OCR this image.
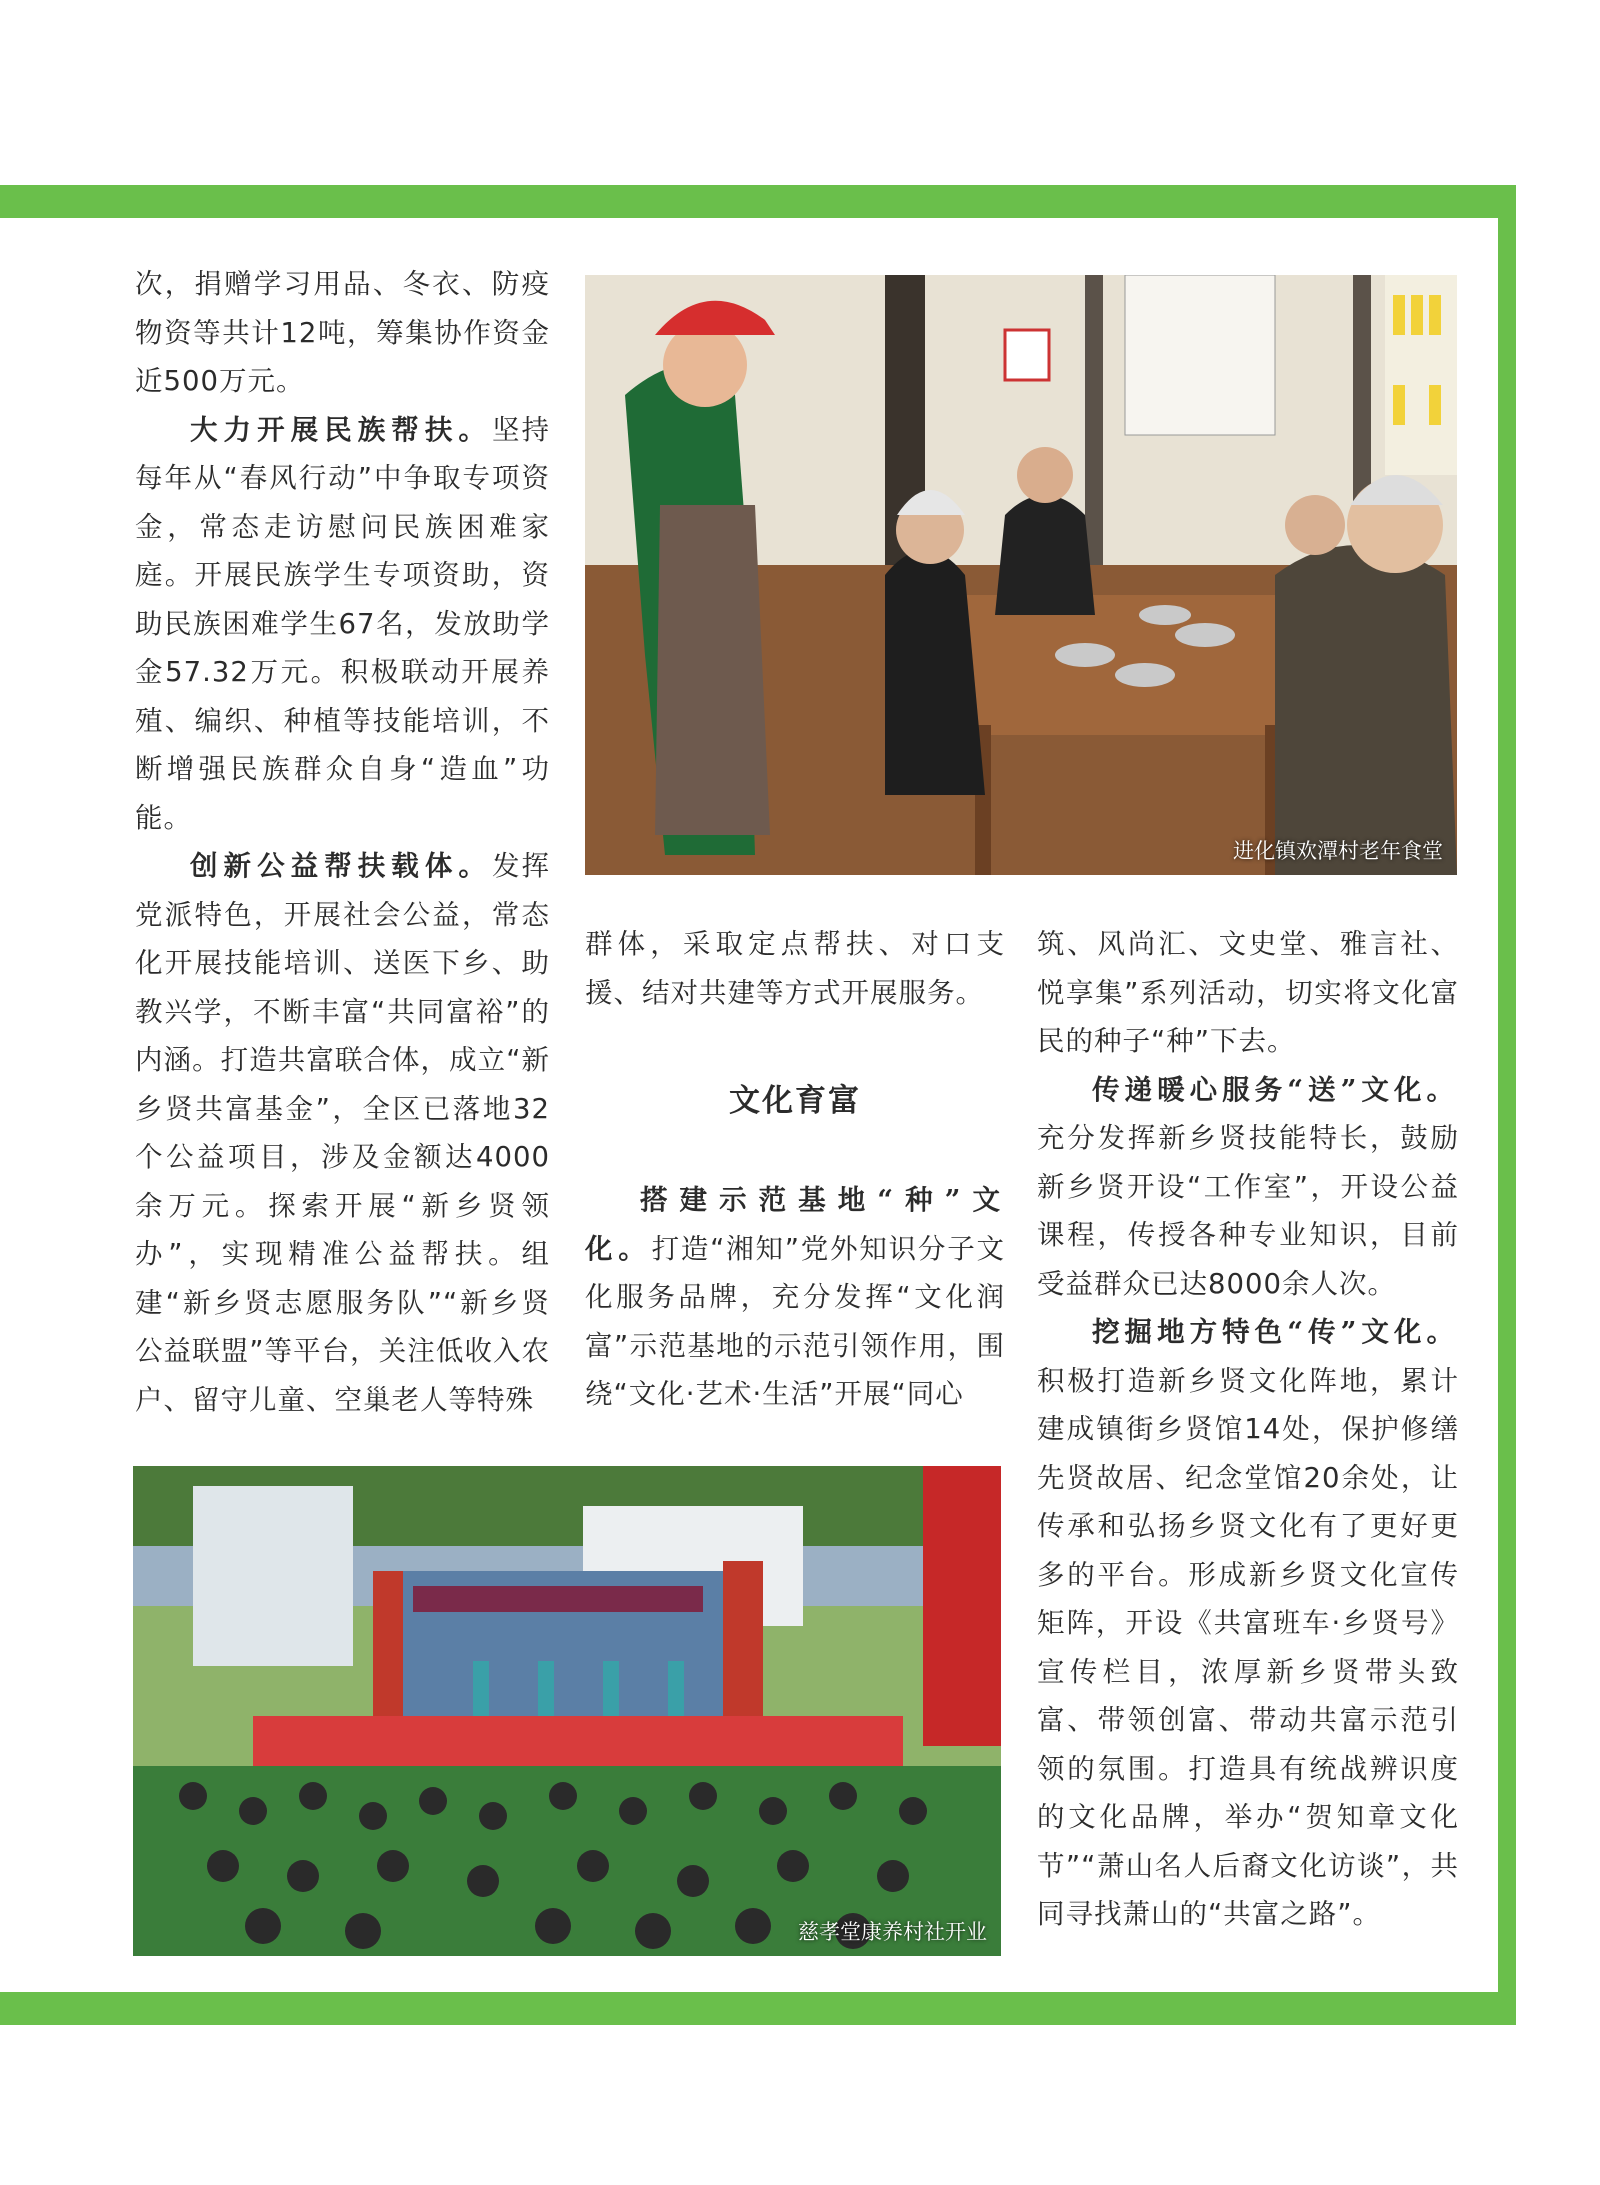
次，捐赠学习用品、冬衣、防疫物资等共计12吨，筹集协作资金近500万元。

大力开展民族帮扶。坚持每年从“春风行动”中争取专项资金，常态走访慰问民族困难家庭。开展民族学生专项资助，资助民族困难学生67名，发放助学金57.32万元。积极联动开展养殖、编织、种植等技能培训，不断增强民族群众自身“造血”功能。

创新公益帮扶载体。发挥党派特色，开展社会公益，常态化开展技能培训、送医下乡、助教兴学，不断丰富“共同富裕”的内涵。打造共富联合体，成立“新乡贤共富基金”，全区已落地32个公益项目，涉及金额达4000余万元。探索开展“新乡贤领办”，实现精准公益帮扶。组建“新乡贤志愿服务队”“新乡贤公益联盟”等平台，关注低收入农户、留守儿童、空巢老人等特殊

群体，采取定点帮扶、对口支援、结对共建等方式开展服务。

文化育富

搭建示范基地“种”文化。打造“湘知”党外知识分子文化服务品牌，充分发挥“文化润富”示范基地的示范引领作用，围绕“文化·艺术·生活”开展“同心

筑、风尚汇、文史堂、雅言社、悦享集”系列活动，切实将文化富民的种子“种”下去。

传递暖心服务“送”文化。充分发挥新乡贤技能特长，鼓励新乡贤开设“工作室”，开设公益课程，传授各种专业知识，目前受益群众已达8000余人次。

挖掘地方特色“传”文化。积极打造新乡贤文化阵地，累计建成镇街乡贤馆14处，保护修缮先贤故居、纪念堂馆20余处，让传承和弘扬乡贤文化有了更好更多的平台。形成新乡贤文化宣传矩阵，开设《共富班车·乡贤号》宣传栏目，浓厚新乡贤带头致富、带领创富、带动共富示范引领的氛围。打造具有统战辨识度的文化品牌，举办“贺知章文化节”“萧山名人后裔文化访谈”，共同寻找萧山的“共富之路”。

进化镇欢潭村老年食堂
慈孝堂康养村社开业
